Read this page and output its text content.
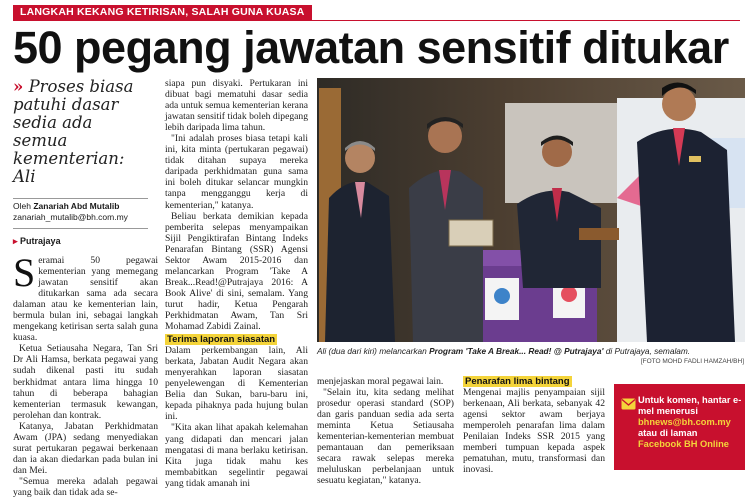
LANGKAH KEKANG KETIRISAN, SALAH GUNA KUASA
50 pegang jawatan sensitif ditukar
» Proses biasa patuhi dasar sedia ada semua kementerian: Ali
Oleh Zanariah Abd Mutalib
zanariah_mutalib@bh.com.my
▸ Putrajaya

Seramai 50 pegawai kementerian yang memegang jawatan sensitif akan ditukarkan sama ada secara dalaman atau ke kementerian lain, bermula bulan ini, sebagai langkah mengekang ketirisan serta salah guna kuasa.

Ketua Setiausaha Negara, Tan Sri Dr Ali Hamsa, berkata pegawai yang sudah dikenal pasti itu sudah berkhidmat antara lima hingga 10 tahun di beberapa bahagian kementerian termasuk kewangan, perolehan dan kontrak.

Katanya, Jabatan Perkhidmatan Awam (JPA) sedang menyediakan surat pertukaran pegawai berkenaan dan ia akan diedarkan pada bulan ini dan Mei.

"Semua mereka adalah pegawai yang baik dan tidak ada se-

siapa pun disyaki. Pertukaran ini dibuat bagi mematuhi dasar sedia ada untuk semua kementerian kerana jawatan sensitif tidak boleh dipegang lebih daripada lima tahun.

"Ini adalah proses biasa tetapi kali ini, kita minta (pertukaran pegawai) tidak ditahan supaya mereka daripada perkhidmatan guna sama ini boleh ditukar selancar mungkin tanpa mengganggu kerja di kementerian," katanya.

Beliau berkata demikian kepada pemberita selepas menyampaikan Sijil Pengiktirafan Bintang Indeks Penarafan Bintang (SSR) Agensi Sektor Awam 2015-2016 dan melancarkan Program 'Take A Break...Read!@Putrajaya 2016: A Book Alive' di sini, semalam. Yang turut hadir, Ketua Pengarah Perkhidmatan Awam, Tan Sri Mohamad Zabidi Zainal.

Terima laporan siasatan

Dalam perkembangan lain, Ali berkata, Jabatan Audit Negara akan menyerahkan laporan siasatan penyelewengan di Kementerian Belia dan Sukan, baru-baru ini, kepada pihaknya pada hujung bulan ini.

"Kita akan lihat apakah kelemahan yang didapati dan mencari jalan mengatasi di mana berlaku ketirisan. Kita juga tidak mahu kes membabitkan segelintir pegawai yang tidak amanah ini

menjejaskan moral pegawai lain.

"Selain itu, kita sedang melihat prosedur operasi standard (SOP) dan garis panduan sedia ada serta meminta Ketua Setiausaha kementerian-kementerian membuat pemantauan dan pemeriksaan secara rawak selepas mereka meluluskan perbelanjaan untuk sesuatu kegiatan," katanya.

Penarafan lima bintang

Mengenai majlis penyampaian sijil berkenaan, Ali berkata, sebanyak 42 agensi sektor awam berjaya memperoleh penarafan lima dalam Penilaian Indeks SSR 2015 yang memberi tumpuan kepada aspek pematuhan, mutu, transformasi dan inovasi.

Ali (dua dari kiri) melancarkan Program 'Take A Break... Read! @ Putrajaya' di Putrajaya, semalam.
[FOTO MOHD FADLI HAMZAH/BH]
Untuk komen, hantar e-mel menerusi bhnews@bh.com.my atau di laman Facebook BH Online
